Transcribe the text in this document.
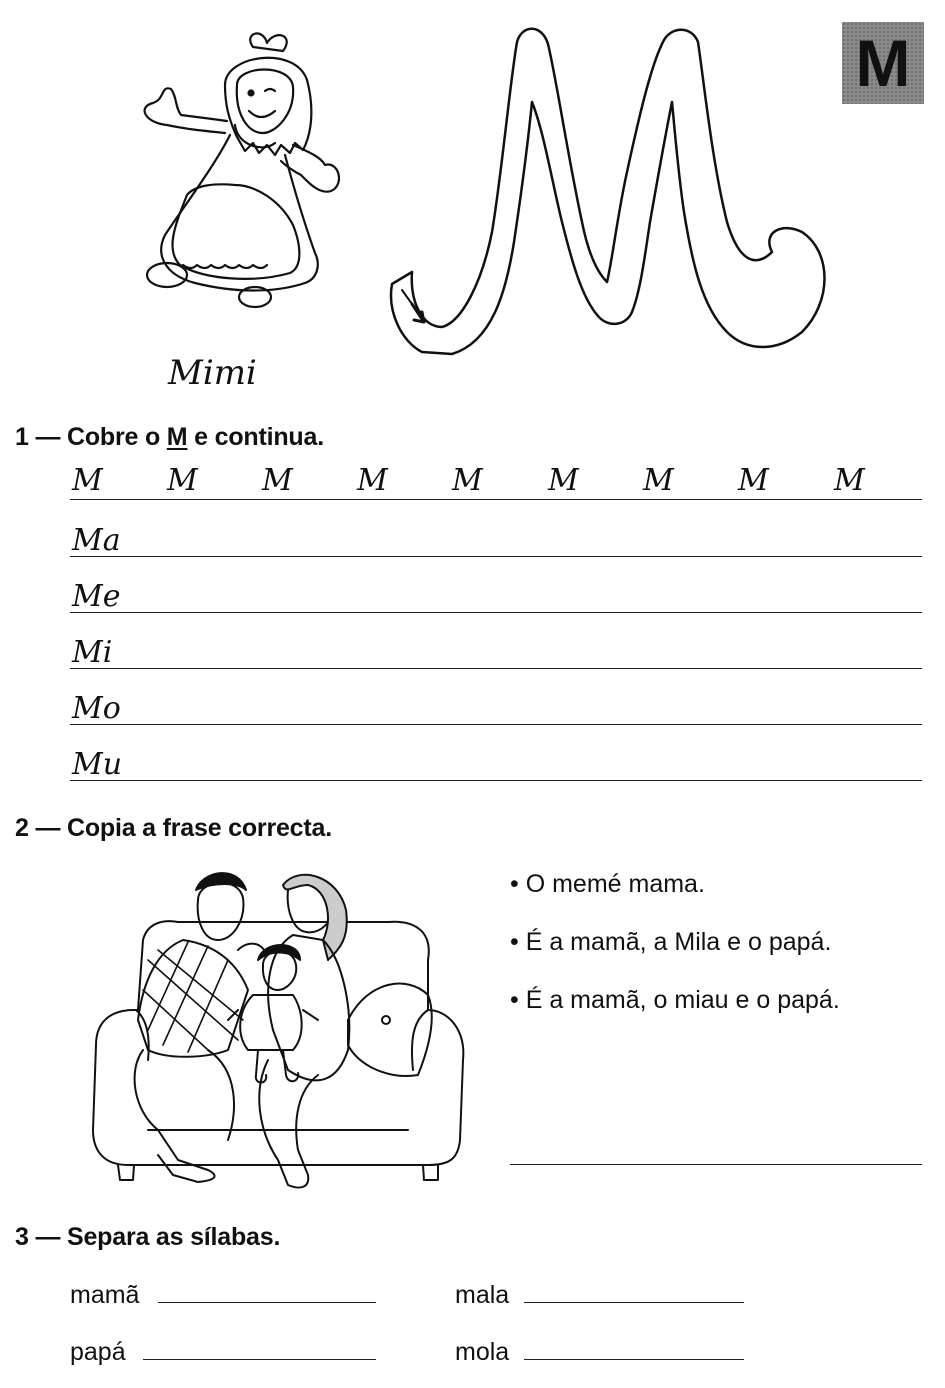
Mimi
M
1 — Cobre o M e continua.
M M M M M M M M M
Ma
Me
Mi
Mo
Mu
2 — Copia a frase correcta.
• O memé mama.
• É a mamã, a Mila e o papá.
• É a mamã, o miau e o papá.
3 — Separa as sílabas.
mamã	mala
papá	mola
